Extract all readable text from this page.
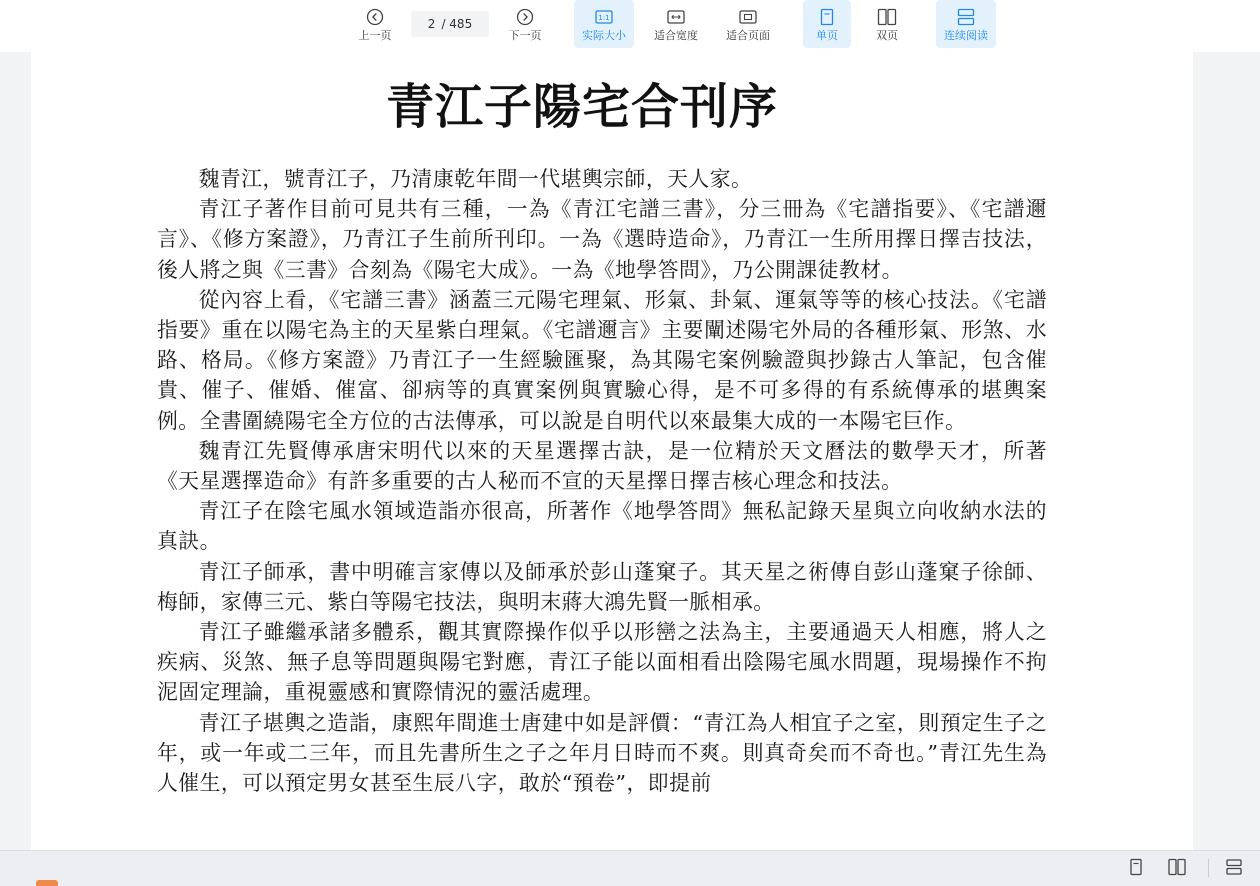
上一页
2 / 485
下一页
1:1
实际大小	适合宽度	适合页面	单页	双页	连续阅读
青江子陽宅合刊序

魏青江，號青江子，乃清康乾年間一代堪輿宗師，天人家。

青江子著作目前可見共有三種，一為《青江宅譜三書》，分三冊為《宅譜指要》、《宅譜邇言》、《修方案證》，乃青江子生前所刊印。一為《選時造命》，乃青江一生所用擇日擇吉技法，後人將之與《三書》合刻為《陽宅大成》。一為《地學答問》，乃公開課徒教材。

從內容上看，《宅譜三書》涵蓋三元陽宅理氣、形氣、卦氣、運氣等等的核心技法。《宅譜指要》重在以陽宅為主的天星紫白理氣。《宅譜邇言》主要闡述陽宅外局的各種形氣、形煞、水路、格局。《修方案證》乃青江子一生經驗匯聚，為其陽宅案例驗證與抄錄古人筆記，包含催貴、催子、催婚、催富、卻病等的真實案例與實驗心得，是不可多得的有系統傳承的堪輿案例。全書圍繞陽宅全方位的古法傳承，可以說是自明代以來最集大成的一本陽宅巨作。

魏青江先賢傳承唐宋明代以來的天星選擇古訣，是一位精於天文曆法的數學天才，所著《天星選擇造命》有許多重要的古人秘而不宣的天星擇日擇吉核心理念和技法。

青江子在陰宅風水領域造詣亦很高，所著作《地學答問》無私記錄天星與立向收納水法的真訣。

青江子師承，書中明確言家傳以及師承於彭山蓬窠子。其天星之術傳自彭山蓬窠子徐師、梅師，家傳三元、紫白等陽宅技法，與明末蔣大鴻先賢一脈相承。

青江子雖繼承諸多體系，觀其實際操作似乎以形巒之法為主，主要通過天人相應，將人之疾病、災煞、無子息等問題與陽宅對應，青江子能以面相看出陰陽宅風水問題，現場操作不拘泥固定理論，重視靈感和實際情況的靈活處理。

青江子堪輿之造詣，康熙年間進士唐建中如是評價：“青江為人相宜子之室，則預定生子之年，或一年或二三年，而且先書所生之子之年月日時而不爽。則真奇矣而不奇也。”青江先生為人催生，可以預定男女甚至生辰八字，敢於“預卷”，即提前
